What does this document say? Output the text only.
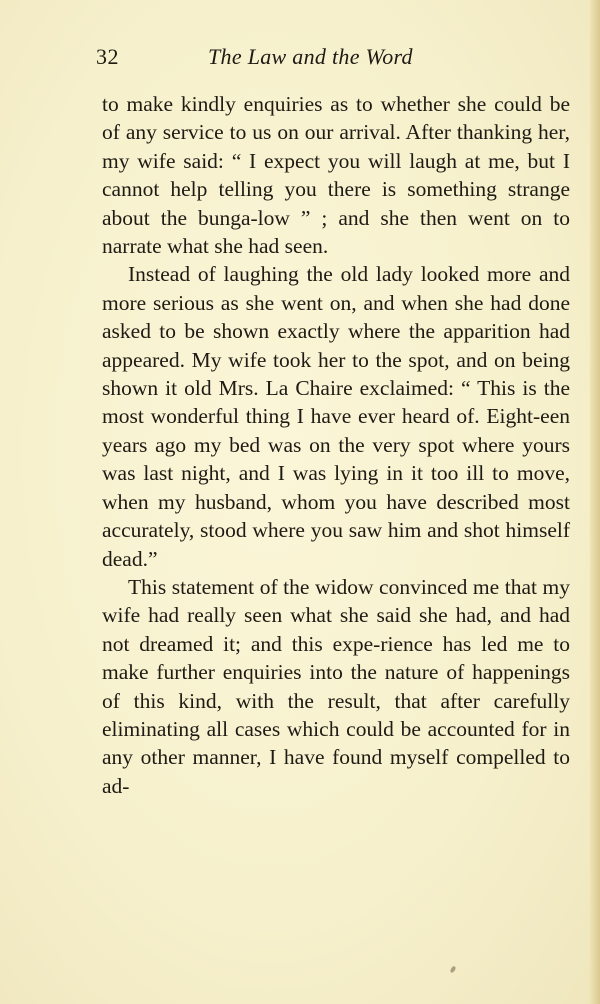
32	The Law and the Word

to make kindly enquiries as to whether she could be of any service to us on our arrival. After thanking her, my wife said: “ I expect you will laugh at me, but I cannot help telling you there is something strange about the bunga-low ” ; and she then went on to narrate what she had seen.

Instead of laughing the old lady looked more and more serious as she went on, and when she had done asked to be shown exactly where the apparition had appeared. My wife took her to the spot, and on being shown it old Mrs. La Chaire exclaimed: “ This is the most wonderful thing I have ever heard of. Eight-een years ago my bed was on the very spot where yours was last night, and I was lying in it too ill to move, when my husband, whom you have described most accurately, stood where you saw him and shot himself dead.”

This statement of the widow convinced me that my wife had really seen what she said she had, and had not dreamed it; and this expe-rience has led me to make further enquiries into the nature of happenings of this kind, with the result, that after carefully eliminating all cases which could be accounted for in any other manner, I have found myself compelled to ad-
